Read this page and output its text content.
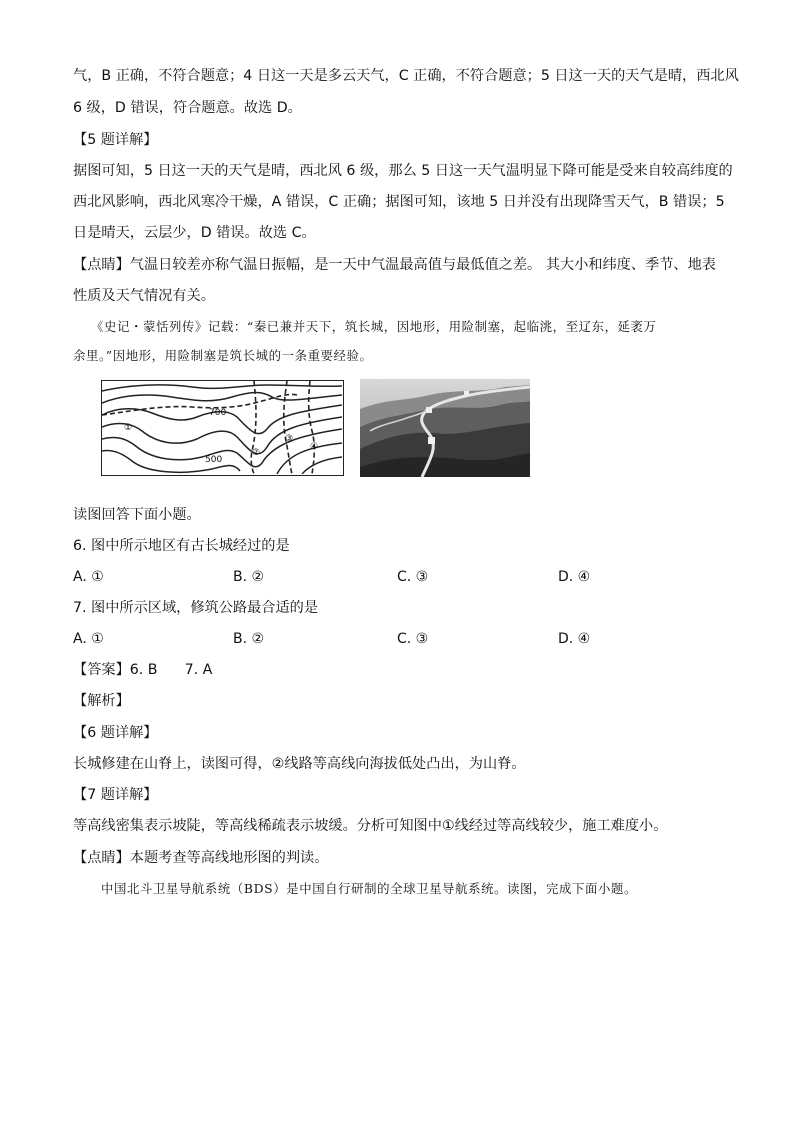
气，B 正确，不符合题意；4 日这一天是多云天气，C 正确，不符合题意；5 日这一天的天气是晴，西北风
6 级，D 错误，符合题意。故选 D。
【5 题详解】
据图可知，5 日这一天的天气是晴，西北风 6 级，那么 5 日这一天气温明显下降可能是受来自较高纬度的
西北风影响，西北风寒冷干燥，A 错误，C 正确；据图可知，该地 5 日并没有出现降雪天气，B 错误；5
日是晴天，云层少，D 错误。故选 C。
【点睛】气温日较差亦称气温日振幅，是一天中气温最高值与最低值之差。 其大小和纬度、季节、地表
性质及天气情况有关。
《史记・蒙恬列传》记载：“秦已兼并天下，筑长城，因地形，用险制塞，起临洮，至辽东，延袤万
余里。”因地形，用险制塞是筑长城的一条重要经验。
700
500
①
②
③
④
读图回答下面小题。
6. 图中所示地区有古长城经过的是
A. ①	B. ②	C. ③	D. ④
7. 图中所示区域，修筑公路最合适的是
A. ①	B. ②	C. ③	D. ④
【答案】6. B      7. A
【解析】
【6 题详解】
长城修建在山脊上，读图可得，②线路等高线向海拔低处凸出，为山脊。
【7 题详解】
等高线密集表示坡陡，等高线稀疏表示坡缓。分析可知图中①线经过等高线较少，施工难度小。
【点睛】本题考查等高线地形图的判读。
中国北斗卫星导航系统（BDS）是中国自行研制的全球卫星导航系统。读图，完成下面小题。
